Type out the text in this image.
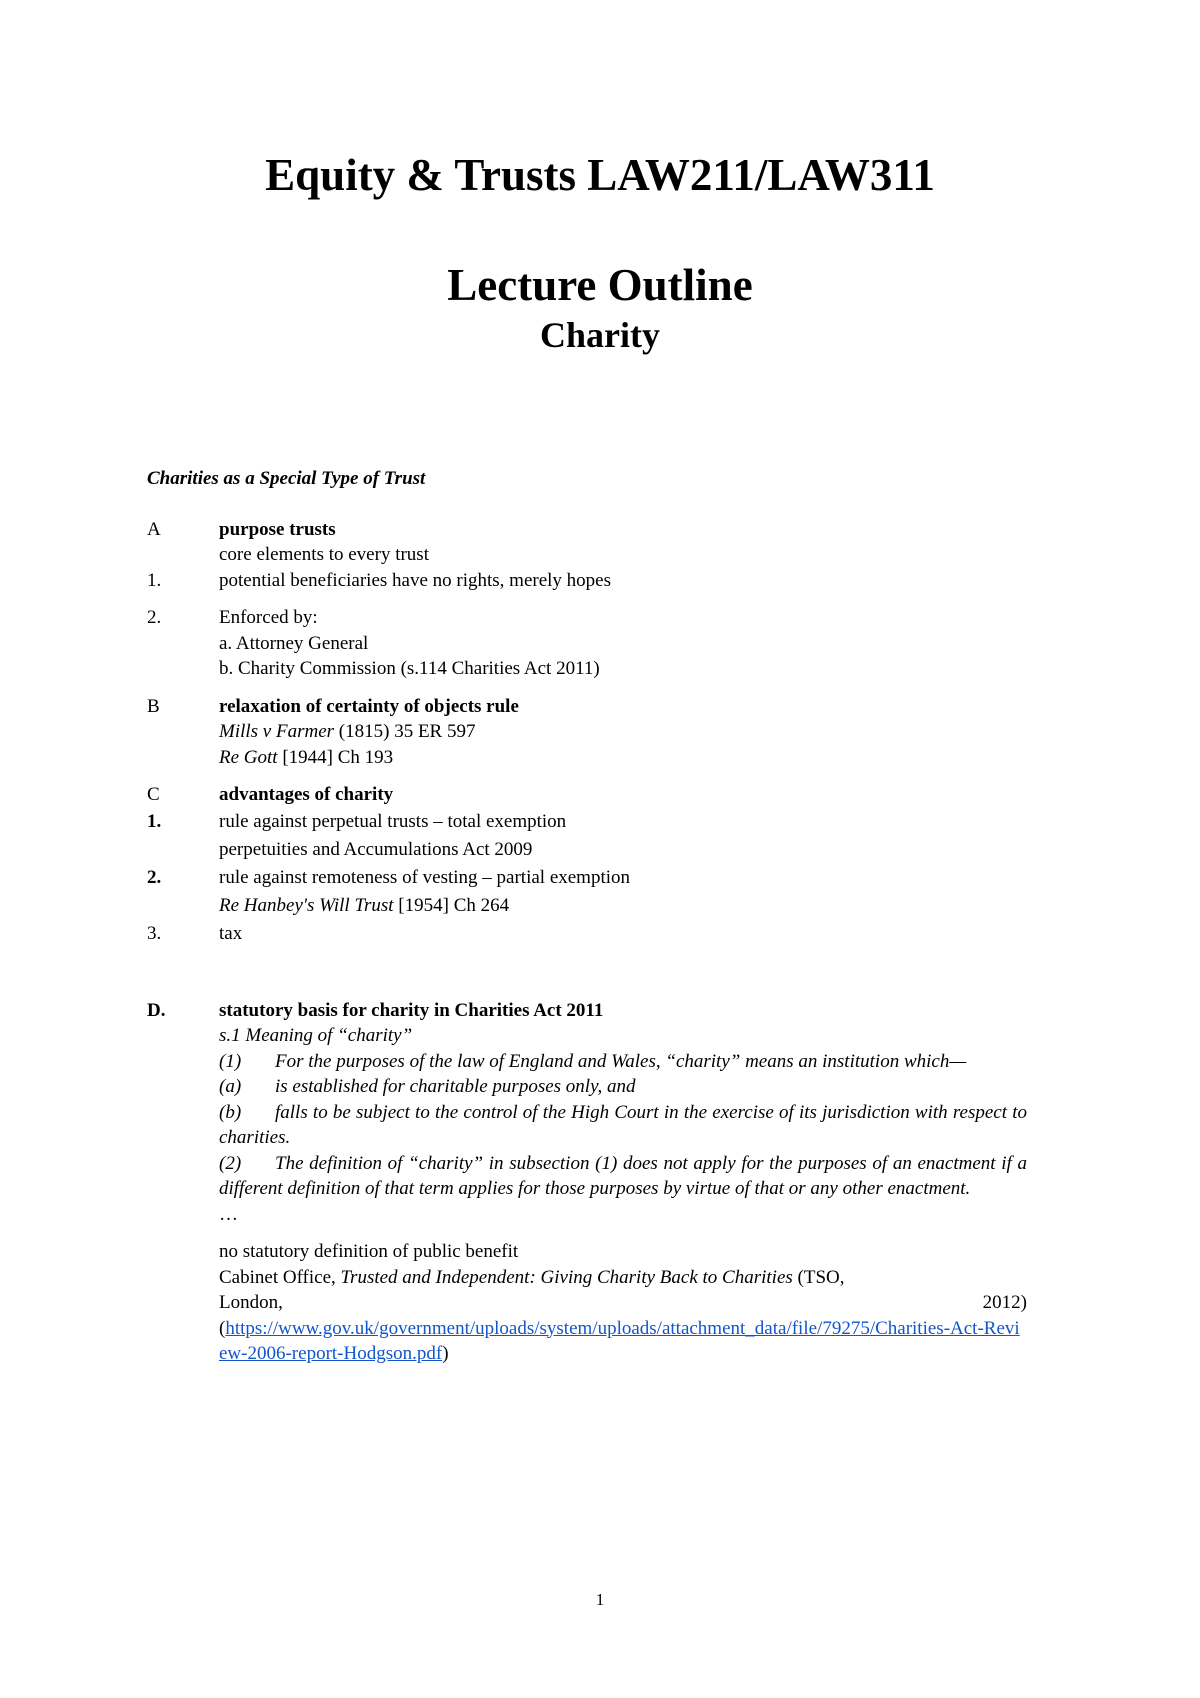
Equity & Trusts LAW211/LAW311
Lecture Outline
Charity
Charities as a Special Type of Trust
A	purpose trusts
core elements to every trust
1.	potential beneficiaries have no rights, merely hopes
2.	Enforced by:
a. Attorney General
b. Charity Commission (s.114 Charities Act 2011)
B	relaxation of certainty of objects rule
Mills v Farmer (1815) 35 ER 597
Re Gott [1944] Ch 193
C	advantages of charity
1.	rule against perpetual trusts – total exemption
perpetuities and Accumulations Act 2009
2.	rule against remoteness of vesting – partial exemption
Re Hanbey's Will Trust [1954] Ch 264
3.	tax
D.	statutory basis for charity in Charities Act 2011
s.1 Meaning of “charity”
(1) For the purposes of the law of England and Wales, “charity” means an institution which—
(a) is established for charitable purposes only, and
(b) falls to be subject to the control of the High Court in the exercise of its jurisdiction with respect to charities.
(2) The definition of “charity” in subsection (1) does not apply for the purposes of an enactment if a different definition of that term applies for those purposes by virtue of that or any other enactment.
…
no statutory definition of public benefit
Cabinet Office, Trusted and Independent: Giving Charity Back to Charities (TSO,
London,	2012)
(https://www.gov.uk/government/uploads/system/uploads/attachment_data/file/79275/Charities-Act-Review-2006-report-Hodgson.pdf)
1
